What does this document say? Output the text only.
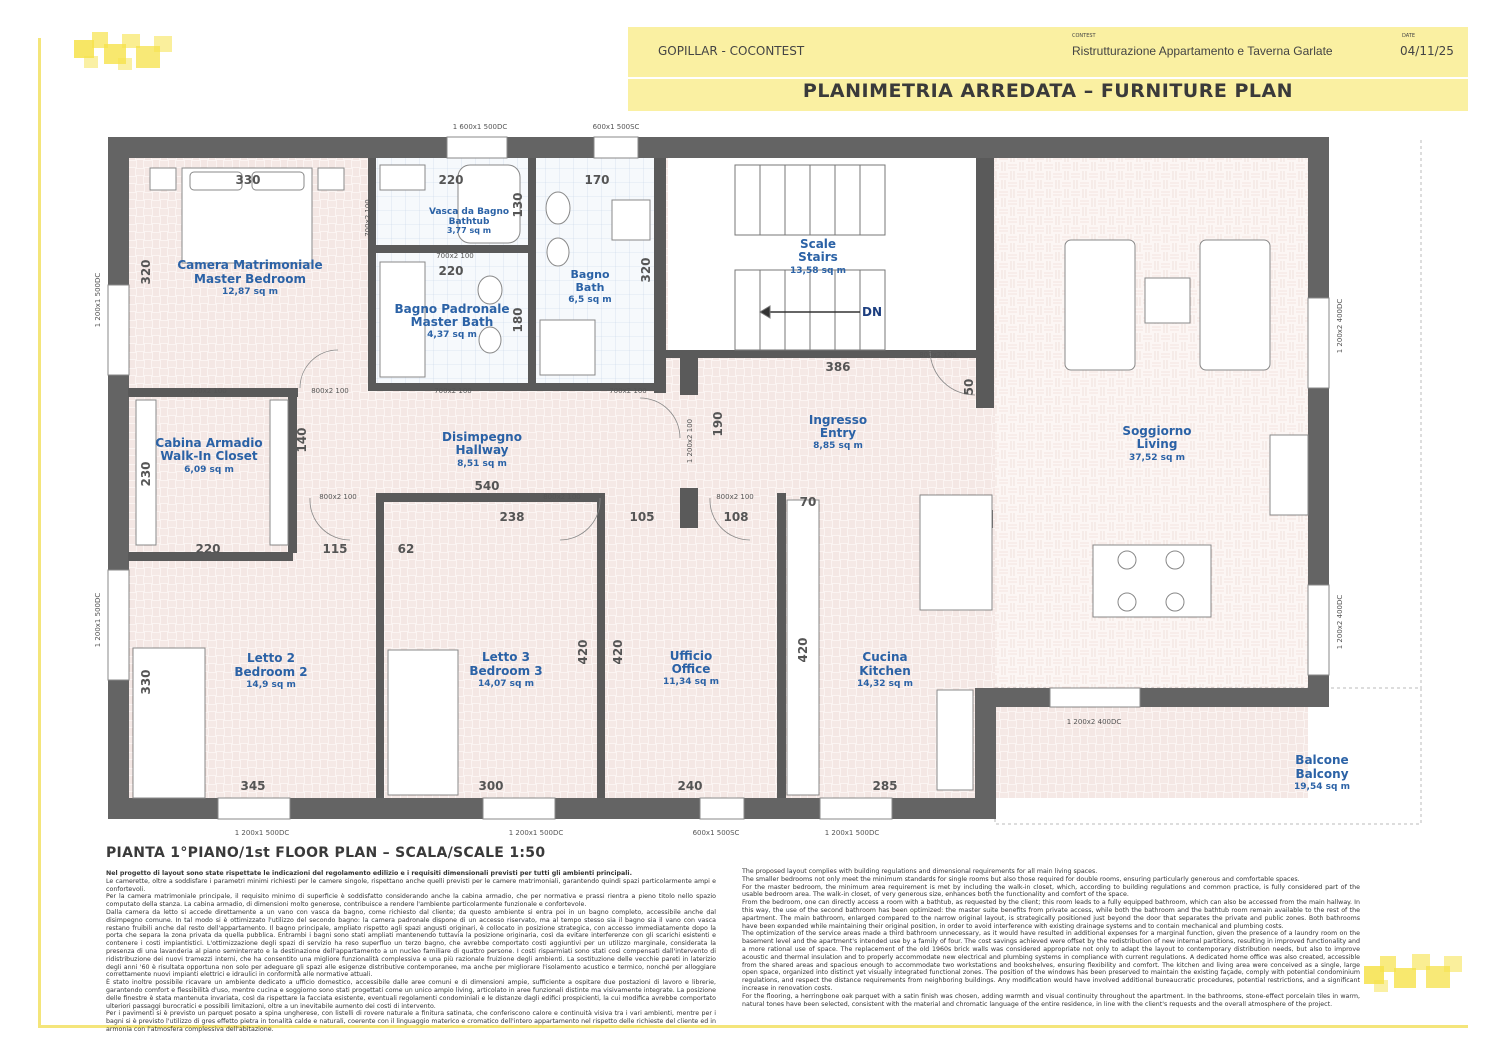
GOPILLAR - COCONTEST
CONTEST
Ristrutturazione Appartamento e Taverna Garlate
DATE
04/11/25
PLANIMETRIA ARREDATA – FURNITURE PLAN
Camera Matrimoniale
Master Bedroom
12,87 sq m
Vasca da Bagno
Bathtub
3,77 sq m
Bagno
Bath
6,5 sq m
Bagno Padronale
Master Bath
4,37 sq m
Scale
Stairs
13,58 sq m
Cabina Armadio
Walk-In Closet
6,09 sq m
Disimpegno
Hallway
8,51 sq m
Ingresso
Entry
8,85 sq m
Soggiorno
Living
37,52 sq m
Letto 2
Bedroom 2
14,9 sq m
Letto 3
Bedroom 3
14,07 sq m
Ufficio
Office
11,34 sq m
Cucina
Kitchen
14,32 sq m
Balcone
Balcony
19,54 sq m
DN
330	220
130
170
320	220	320
180
386
50
190
140
540
230
220	115	62
238	105	108
70
330
420 420	420
345	300	240	285
1 600x1 500DC	600x1 500SC
700x2 100
700x2 100
700x2 100	800x2 100	700x2 100	700x2 100
800x2 100
1 200x2 100
1 200x1 500DC
1 200x1 500DC
1 200x2 400DC
1 200x2 400DC
800x2 100	800x2 100	800x2 100
1 200x2 400DC
1 200x1 500DC	1 200x1 500DC	600x1 500SC	1 200x1 500DC
PIANTA 1°PIANO/1st FLOOR PLAN – SCALA/SCALE 1:50
Nel progetto di layout sono state rispettate le indicazioni del regolamento edilizio e i requisiti dimensionali previsti per tutti gli ambienti principali.
Le camerette, oltre a soddisfare i parametri minimi richiesti per le camere singole, rispettano anche quelli previsti per le camere matrimoniali, garantendo quindi spazi particolarmente ampi e confortevoli.
Per la camera matrimoniale principale, il requisito minimo di superficie è soddisfatto considerando anche la cabina armadio, che per normativa e prassi rientra a pieno titolo nello spazio computato della stanza. La cabina armadio, di dimensioni molto generose, contribuisce a rendere l'ambiente particolarmente funzionale e confortevole.
Dalla camera da letto si accede direttamente a un vano con vasca da bagno, come richiesto dal cliente; da questo ambiente si entra poi in un bagno completo, accessibile anche dal disimpegno comune. In tal modo si è ottimizzato l'utilizzo del secondo bagno: la camera padronale dispone di un accesso riservato, ma al tempo stesso sia il bagno sia il vano con vasca restano fruibili anche dal resto dell'appartamento. Il bagno principale, ampliato rispetto agli spazi angusti originari, è collocato in posizione strategica, con accesso immediatamente dopo la porta che separa la zona privata da quella pubblica. Entrambi i bagni sono stati ampliati mantenendo tuttavia la posizione originaria, così da evitare interferenze con gli scarichi esistenti e contenere i costi impiantistici. L'ottimizzazione degli spazi di servizio ha reso superfluo un terzo bagno, che avrebbe comportato costi aggiuntivi per un utilizzo marginale, considerata la presenza di una lavanderia al piano seminterrato e la destinazione dell'appartamento a un nucleo familiare di quattro persone. I costi risparmiati sono stati così compensati dall'intervento di ridistribuzione dei nuovi tramezzi interni, che ha consentito una migliore funzionalità complessiva e una più razionale fruizione degli ambienti. La sostituzione delle vecchie pareti in laterizio degli anni '60 è risultata opportuna non solo per adeguare gli spazi alle esigenze distributive contemporanee, ma anche per migliorare l'isolamento acustico e termico, nonché per alloggiare correttamente nuovi impianti elettrici e idraulici in conformità alle normative attuali.
È stato inoltre possibile ricavare un ambiente dedicato a ufficio domestico, accessibile dalle aree comuni e di dimensioni ampie, sufficiente a ospitare due postazioni di lavoro e librerie, garantendo comfort e flessibilità d'uso, mentre cucina e soggiorno sono stati progettati come un unico ampio living, articolato in aree funzionali distinte ma visivamente integrate. La posizione delle finestre è stata mantenuta invariata, così da rispettare la facciata esistente, eventuali regolamenti condominiali e le distanze dagli edifici prospicienti, la cui modifica avrebbe comportato ulteriori passaggi burocratici e possibili limitazioni, oltre a un inevitabile aumento dei costi di intervento.
Per i pavimenti si è previsto un parquet posato a spina ungherese, con listelli di rovere naturale a finitura satinata, che conferiscono calore e continuità visiva tra i vari ambienti, mentre per i bagni si è previsto l'utilizzo di gres effetto pietra in tonalità calde e naturali, coerente con il linguaggio materico e cromatico dell'intero appartamento nel rispetto delle richieste del cliente ed in armonia con l'atmosfera complessiva dell'abitazione.
The proposed layout complies with building regulations and dimensional requirements for all main living spaces.
The smaller bedrooms not only meet the minimum standards for single rooms but also those required for double rooms, ensuring particularly generous and comfortable spaces.
For the master bedroom, the minimum area requirement is met by including the walk-in closet, which, according to building regulations and common practice, is fully considered part of the usable bedroom area. The walk-in closet, of very generous size, enhances both the functionality and comfort of the space.
From the bedroom, one can directly access a room with a bathtub, as requested by the client; this room leads to a fully equipped bathroom, which can also be accessed from the main hallway. In this way, the use of the second bathroom has been optimized: the master suite benefits from private access, while both the bathroom and the bathtub room remain available to the rest of the apartment. The main bathroom, enlarged compared to the narrow original layout, is strategically positioned just beyond the door that separates the private and public zones. Both bathrooms have been expanded while maintaining their original position, in order to avoid interference with existing drainage systems and to contain mechanical and plumbing costs.
The optimization of the service areas made a third bathroom unnecessary, as it would have resulted in additional expenses for a marginal function, given the presence of a laundry room on the basement level and the apartment's intended use by a family of four. The cost savings achieved were offset by the redistribution of new internal partitions, resulting in improved functionality and a more rational use of space. The replacement of the old 1960s brick walls was considered appropriate not only to adapt the layout to contemporary distribution needs, but also to improve acoustic and thermal insulation and to properly accommodate new electrical and plumbing systems in compliance with current regulations. A dedicated home office was also created, accessible from the shared areas and spacious enough to accommodate two workstations and bookshelves, ensuring flexibility and comfort. The kitchen and living area were conceived as a single, large open space, organized into distinct yet visually integrated functional zones. The position of the windows has been preserved to maintain the existing façade, comply with potential condominium regulations, and respect the distance requirements from neighboring buildings. Any modification would have involved additional bureaucratic procedures, potential restrictions, and a significant increase in renovation costs.
For the flooring, a herringbone oak parquet with a satin finish was chosen, adding warmth and visual continuity throughout the apartment. In the bathrooms, stone-effect porcelain tiles in warm, natural tones have been selected, consistent with the material and chromatic language of the entire residence, in line with the client's requests and the overall atmosphere of the project.
